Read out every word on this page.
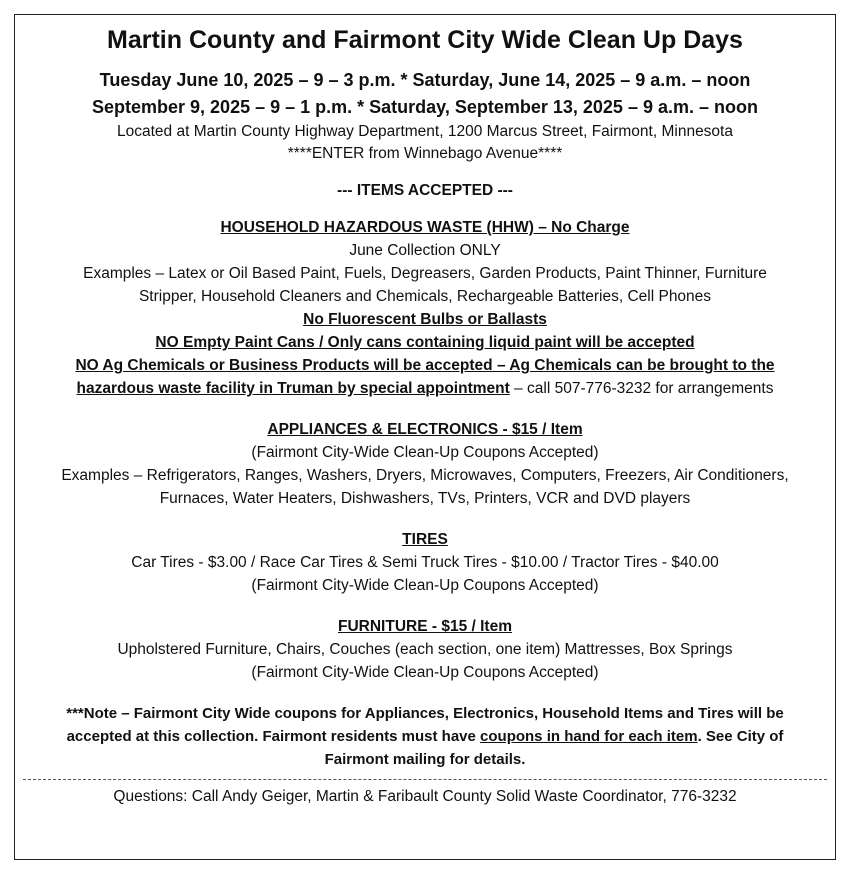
Martin County and Fairmont City Wide Clean Up Days
Tuesday June 10, 2025 – 9 – 3 p.m. * Saturday, June 14, 2025 – 9 a.m. – noon
September 9, 2025 – 9 – 1 p.m. * Saturday, September 13, 2025 – 9 a.m. – noon
Located at Martin County Highway Department, 1200 Marcus Street, Fairmont, Minnesota
****ENTER from Winnebago Avenue****
--- ITEMS ACCEPTED ---
HOUSEHOLD HAZARDOUS WASTE (HHW) – No Charge
June Collection ONLY
Examples – Latex or Oil Based Paint, Fuels, Degreasers, Garden Products, Paint Thinner, Furniture
Stripper, Household Cleaners and Chemicals, Rechargeable Batteries, Cell Phones
No Fluorescent Bulbs or Ballasts
NO Empty Paint Cans / Only cans containing liquid paint will be accepted
NO Ag Chemicals or Business Products will be accepted – Ag Chemicals can be brought to the
hazardous waste facility in Truman by special appointment – call 507-776-3232 for arrangements
APPLIANCES & ELECTRONICS - $15 / Item
(Fairmont City-Wide Clean-Up Coupons Accepted)
Examples – Refrigerators, Ranges, Washers, Dryers, Microwaves, Computers, Freezers, Air Conditioners,
Furnaces, Water Heaters, Dishwashers, TVs, Printers, VCR and DVD players
TIRES
Car Tires - $3.00 / Race Car Tires & Semi Truck Tires - $10.00 / Tractor Tires - $40.00
(Fairmont City-Wide Clean-Up Coupons Accepted)
FURNITURE - $15 / Item
Upholstered Furniture, Chairs, Couches (each section, one item) Mattresses, Box Springs
(Fairmont City-Wide Clean-Up Coupons Accepted)
***Note – Fairmont City Wide coupons for Appliances, Electronics, Household Items and Tires will be
accepted at this collection. Fairmont residents must have coupons in hand for each item. See City of
Fairmont mailing for details.
Questions: Call Andy Geiger, Martin & Faribault County Solid Waste Coordinator, 776-3232
